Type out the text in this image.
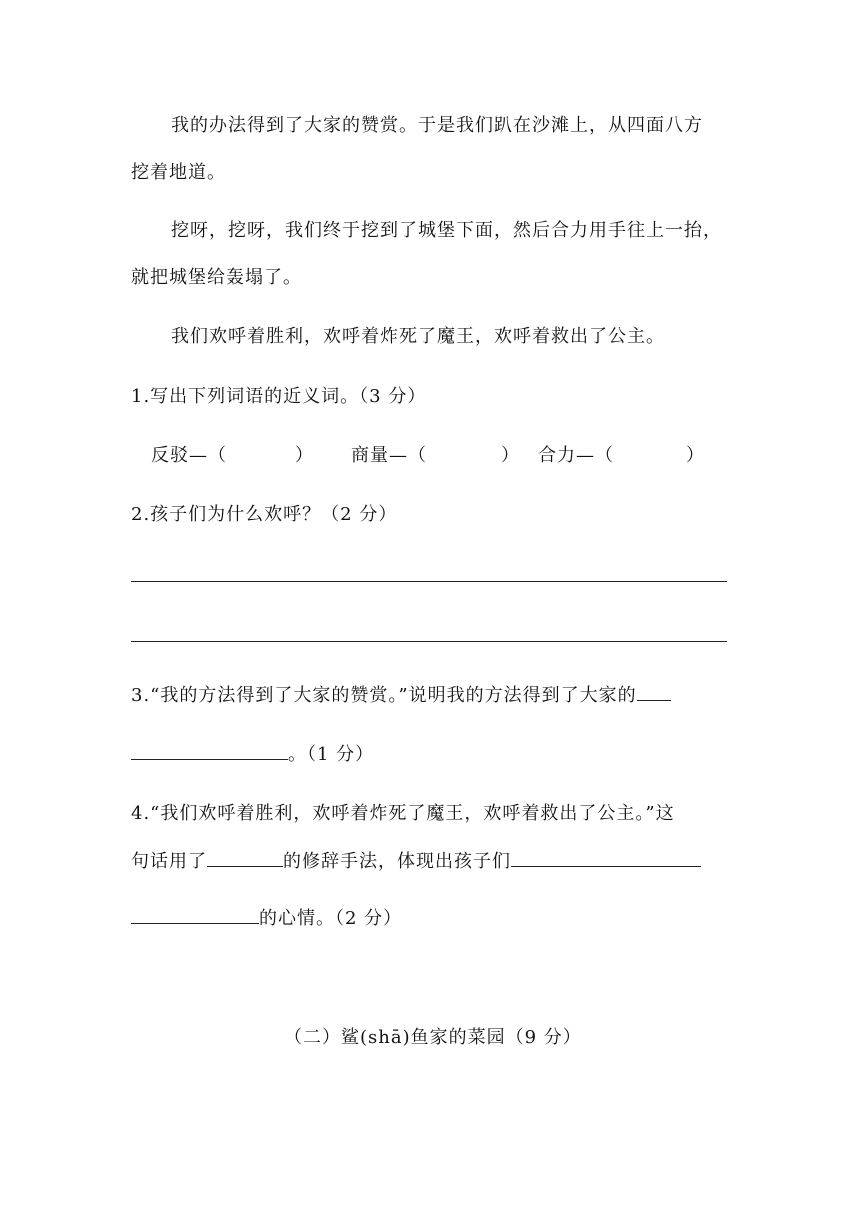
我的办法得到了大家的赞赏。于是我们趴在沙滩上，从四面八方
挖着地道。
挖呀，挖呀，我们终于挖到了城堡下面，然后合力用手往上一抬，
就把城堡给轰塌了。
我们欢呼着胜利，欢呼着炸死了魔王，欢呼着救出了公主。
1.写出下列词语的近义词。（3 分）
反驳—（	） 商量—（	） 合力—（	）
2.孩子们为什么欢呼？（2 分）
3.“我的方法得到了大家的赞赏。”说明我的方法得到了大家的
。（1 分）
4.“我们欢呼着胜利，欢呼着炸死了魔王，欢呼着救出了公主。”这
句话用了	的修辞手法，体现出孩子们
的心情。（2 分）
（二）鲨(shā)鱼家的菜园（9 分）
